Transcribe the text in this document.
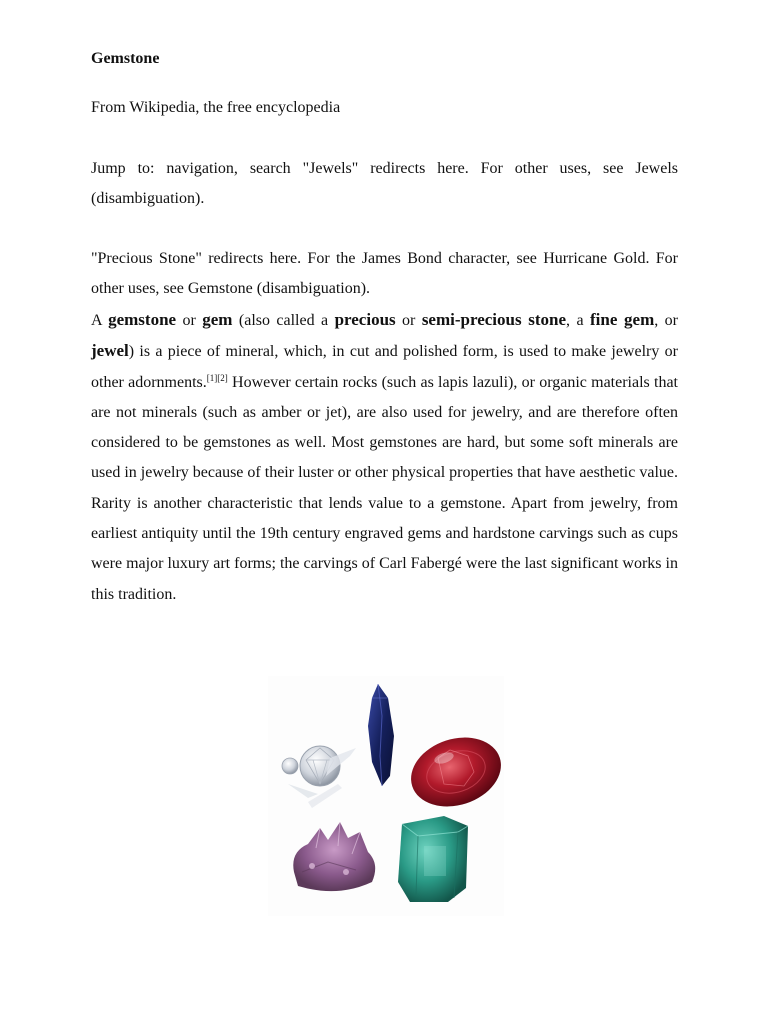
Gemstone

From Wikipedia, the free encyclopedia

Jump to: navigation, search "Jewels" redirects here. For other uses, see Jewels (disambiguation).

"Precious Stone" redirects here. For the James Bond character, see Hurricane Gold. For other uses, see Gemstone (disambiguation).

A gemstone or gem (also called a precious or semi-precious stone, a fine gem, or jewel) is a piece of mineral, which, in cut and polished form, is used to make jewelry or other adornments.[1][2] However certain rocks (such as lapis lazuli), or organic materials that are not minerals (such as amber or jet), are also used for jewelry, and are therefore often considered to be gemstones as well. Most gemstones are hard, but some soft minerals are used in jewelry because of their luster or other physical properties that have aesthetic value. Rarity is another characteristic that lends value to a gemstone. Apart from jewelry, from earliest antiquity until the 19th century engraved gems and hardstone carvings such as cups were major luxury art forms; the carvings of Carl Fabergé were the last significant works in this tradition.
